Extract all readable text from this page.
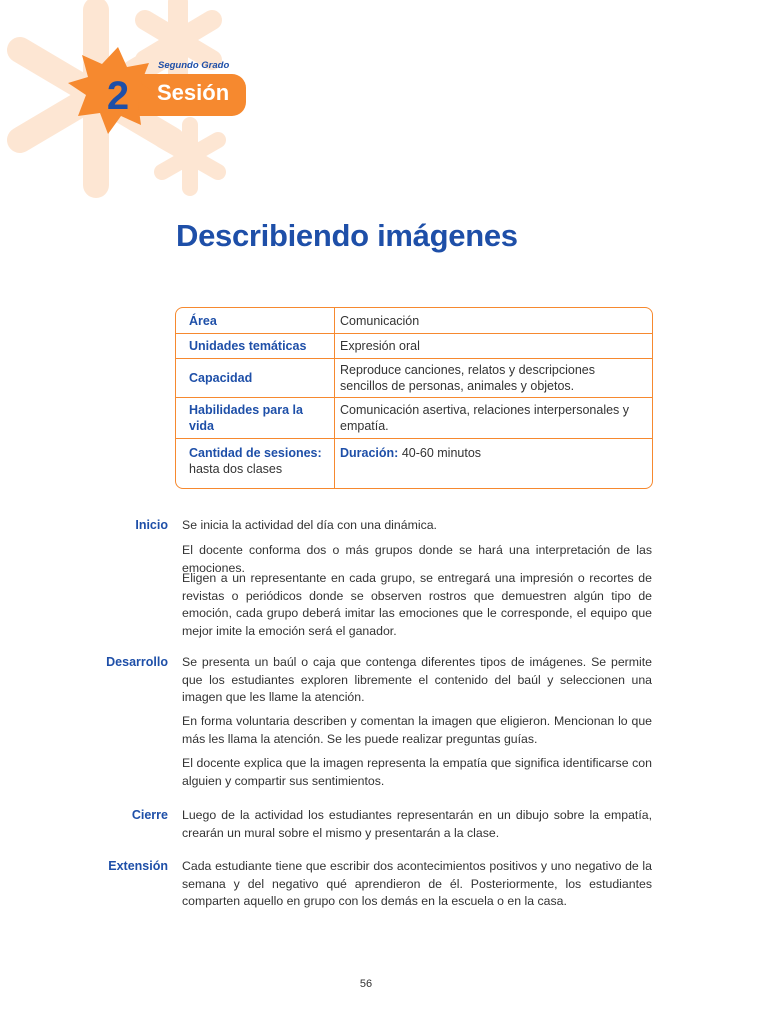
Segundo Grado
2	Sesión
Describiendo imágenes
Área	Comunicación
Unidades temáticas	Expresión oral
Capacidad	Reproduce canciones, relatos y descripciones sencillos de personas, animales y objetos.
Habilidades para la vida	Comunicación asertiva, relaciones interpersonales y empatía.
Cantidad de sesiones:
hasta dos clases	Duración: 40-60 minutos
Inicio Se inicia la actividad del día con una dinámica.

El docente conforma dos o más grupos donde se hará una interpretación de las emociones.

Eligen a un representante en cada grupo, se entregará una impresión o recortes de revistas o periódicos donde se observen rostros que demuestren algún tipo de emoción, cada grupo deberá imitar las emociones que le corresponde, el equipo que mejor imite la emoción será el ganador.

Desarrollo Se presenta un baúl o caja que contenga diferentes tipos de imágenes. Se permite que los estudiantes exploren libremente el contenido del baúl y seleccionen una imagen que les llame la atención.

En forma voluntaria describen y comentan la imagen que eligieron. Mencionan lo que más les llama la atención. Se les puede realizar preguntas guías.

El docente explica que la imagen representa la empatía que significa identificarse con alguien y compartir sus sentimientos.

Cierre Luego de la actividad los estudiantes representarán en un dibujo sobre la empatía, crearán un mural sobre el mismo y presentarán a la clase.

Extensión Cada estudiante tiene que escribir dos acontecimientos positivos y uno negativo de la semana y del negativo qué aprendieron de él. Posteriormente, los estudiantes comparten aquello en grupo con los demás en la escuela o en la casa.

56
